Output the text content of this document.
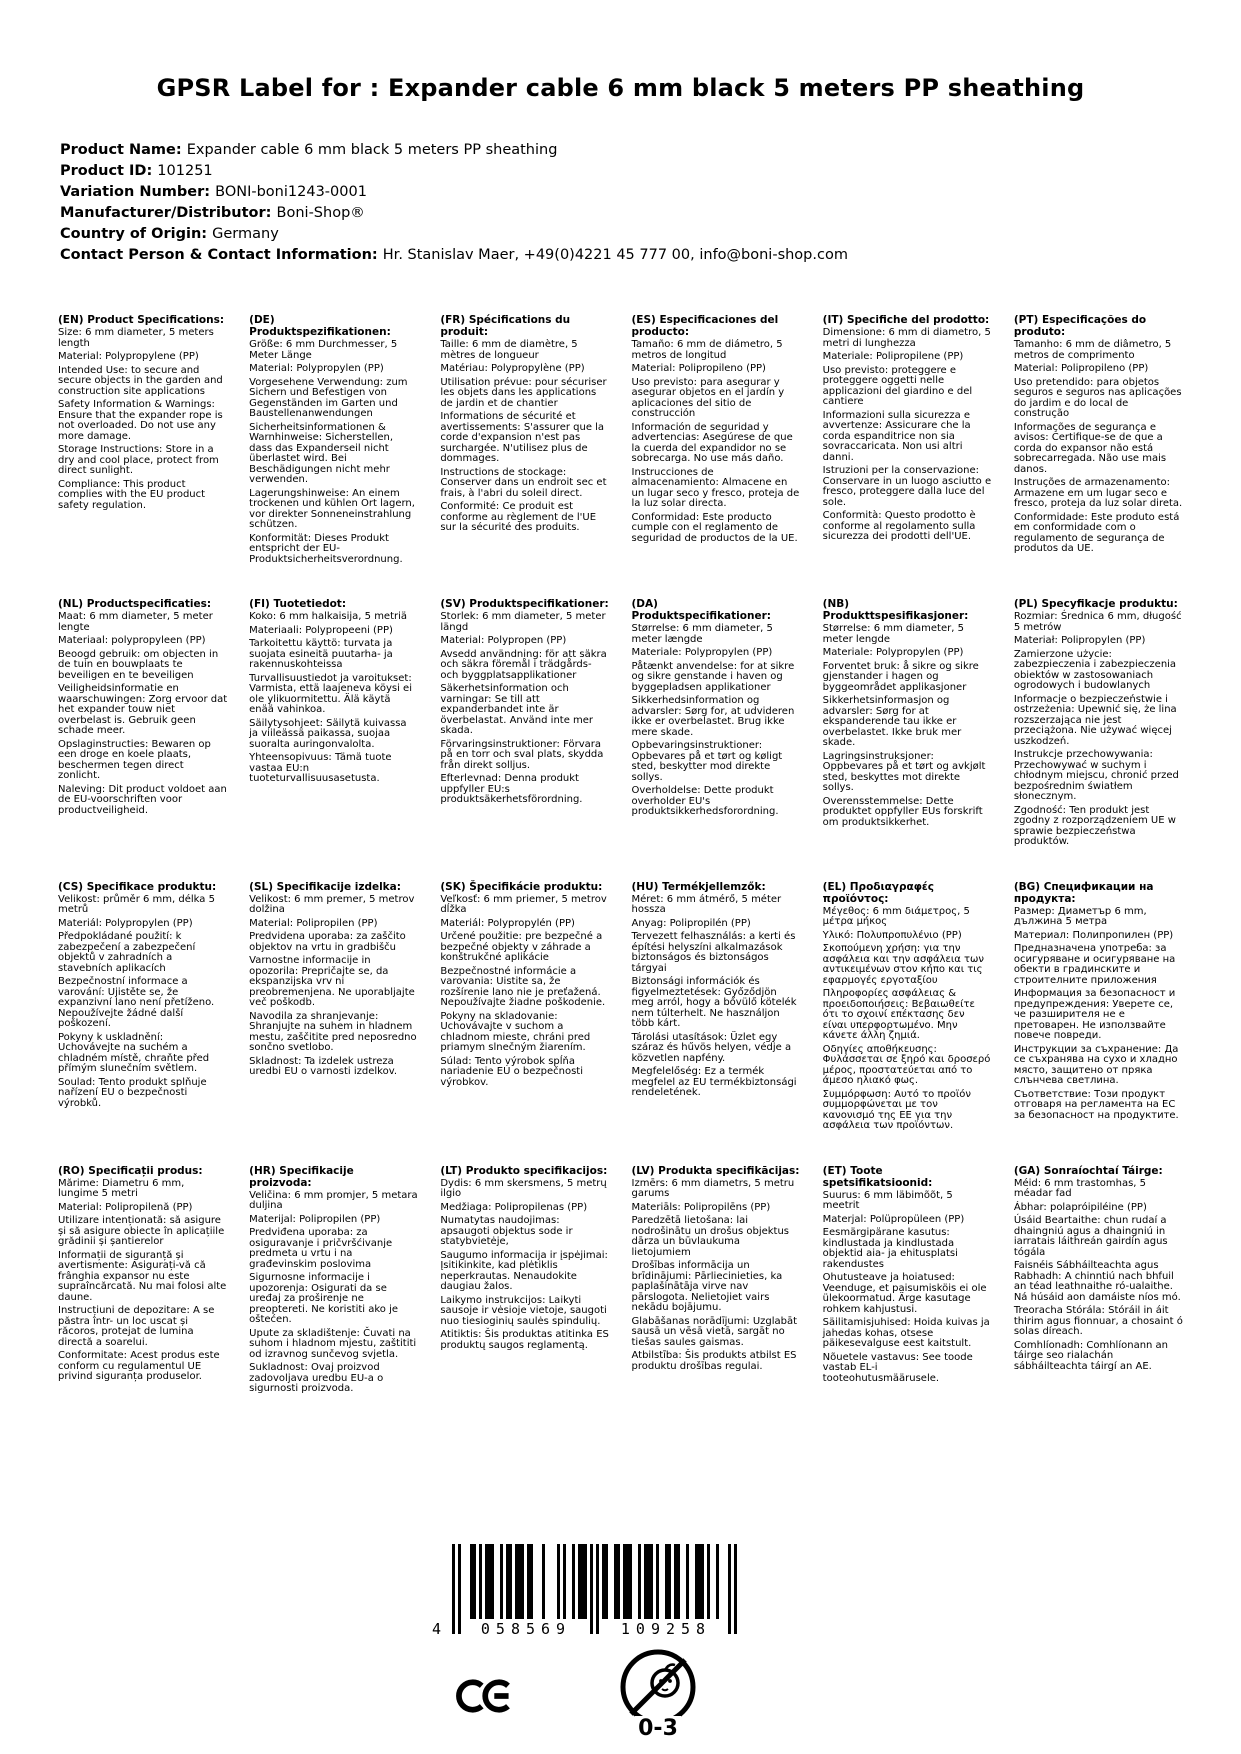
GPSR Label for : Expander cable 6 mm black 5 meters PP sheathing
Product Name: Expander cable 6 mm black 5 meters PP sheathing
Product ID: 101251
Variation Number: BONI-boni1243-0001
Manufacturer/Distributor: Boni-Shop®
Country of Origin: Germany
Contact Person & Contact Information: Hr. Stanislav Maer, +49(0)4221 45 777 00, info@boni-shop.com
(EN) Product Specifications:
Size: 6 mm diameter, 5 meters length
Material: Polypropylene (PP)
Intended Use: to secure and secure objects in the garden and construction site applications
Safety Information & Warnings: Ensure that the expander rope is not overloaded. Do not use any more damage.
Storage Instructions: Store in a dry and cool place, protect from direct sunlight.
Compliance: This product complies with the EU product safety regulation.
(DE) Produktspezifikationen:
Größe: 6 mm Durchmesser, 5 Meter Länge
Material: Polypropylen (PP)
Vorgesehene Verwendung: zum Sichern und Befestigen von Gegenständen im Garten und Baustellenanwendungen
Sicherheitsinformationen & Warnhinweise: Sicherstellen, dass das Expanderseil nicht überlastet wird. Bei Beschädigungen nicht mehr verwenden.
Lagerungshinweise: An einem trockenen und kühlen Ort lagern, vor direkter Sonneneinstrahlung schützen.
Konformität: Dieses Produkt entspricht der EU-Produktsicherheitsverordnung.
(FR) Spécifications du produit:
Taille: 6 mm de diamètre, 5 mètres de longueur
Matériau: Polypropylène (PP)
Utilisation prévue: pour sécuriser les objets dans les applications de jardin et de chantier
Informations de sécurité et avertissements: S'assurer que la corde d'expansion n'est pas surchargée. N'utilisez plus de dommages.
Instructions de stockage: Conserver dans un endroit sec et frais, à l'abri du soleil direct.
Conformité: Ce produit est conforme au règlement de l'UE sur la sécurité des produits.
(ES) Especificaciones del producto:
Tamaño: 6 mm de diámetro, 5 metros de longitud
Material: Polipropileno (PP)
Uso previsto: para asegurar y asegurar objetos en el jardín y aplicaciones del sitio de construcción
Información de seguridad y advertencias: Asegúrese de que la cuerda del expandidor no se sobrecarga. No use más daño.
Instrucciones de almacenamiento: Almacene en un lugar seco y fresco, proteja de la luz solar directa.
Conformidad: Este producto cumple con el reglamento de seguridad de productos de la UE.
(IT) Specifiche del prodotto:
Dimensione: 6 mm di diametro, 5 metri di lunghezza
Materiale: Polipropilene (PP)
Uso previsto: proteggere e proteggere oggetti nelle applicazioni del giardino e del cantiere
Informazioni sulla sicurezza e avvertenze: Assicurare che la corda espanditrice non sia sovraccaricata. Non usi altri danni.
Istruzioni per la conservazione: Conservare in un luogo asciutto e fresco, proteggere dalla luce del sole.
Conformità: Questo prodotto è conforme al regolamento sulla sicurezza dei prodotti dell'UE.
(PT) Especificações do produto:
Tamanho: 6 mm de diâmetro, 5 metros de comprimento
Material: Polipropileno (PP)
Uso pretendido: para objetos seguros e seguros nas aplicações do jardim e do local de construção
Informações de segurança e avisos: Certifique-se de que a corda do expansor não está sobrecarregada. Não use mais danos.
Instruções de armazenamento: Armazene em um lugar seco e fresco, proteja da luz solar direta.
Conformidade: Este produto está em conformidade com o regulamento de segurança de produtos da UE.
(NL) Productspecificaties:
Maat: 6 mm diameter, 5 meter lengte
Materiaal: polypropyleen (PP)
Beoogd gebruik: om objecten in de tuin en bouwplaats te beveiligen en te beveiligen
Veiligheidsinformatie en waarschuwingen: Zorg ervoor dat het expander touw niet overbelast is. Gebruik geen schade meer.
Opslaginstructies: Bewaren op een droge en koele plaats, beschermen tegen direct zonlicht.
Naleving: Dit product voldoet aan de EU-voorschriften voor productveiligheid.
(FI) Tuotetiedot:
Koko: 6 mm halkaisija, 5 metriä
Materiaali: Polypropeeni (PP)
Tarkoitettu käyttö: turvata ja suojata esineitä puutarha- ja rakennuskohteissa
Turvallisuustiedot ja varoitukset: Varmista, että laajeneva köysi ei ole ylikuormitettu. Älä käytä enää vahinkoa.
Säilytysohjeet: Säilytä kuivassa ja viileässä paikassa, suojaa suoralta auringonvalolta.
Yhteensopivuus: Tämä tuote vastaa EU:n tuoteturvallisuusasetusta.
(SV) Produktspecifikationer:
Storlek: 6 mm diameter, 5 meter längd
Material: Polypropen (PP)
Avsedd användning: för att säkra och säkra föremål i trädgårds- och byggplatsapplikationer
Säkerhetsinformation och varningar: Se till att expanderbandet inte är överbelastat. Använd inte mer skada.
Förvaringsinstruktioner: Förvara på en torr och sval plats, skydda från direkt solljus.
Efterlevnad: Denna produkt uppfyller EU:s produktsäkerhetsförordning.
(DA) Produktspecifikationer:
Størrelse: 6 mm diameter, 5 meter længde
Materiale: Polypropylen (PP)
Påtænkt anvendelse: for at sikre og sikre genstande i haven og byggepladsen applikationer
Sikkerhedsinformation og advarsler: Sørg for, at udvideren ikke er overbelastet. Brug ikke mere skade.
Opbevaringsinstruktioner: Opbevares på et tørt og køligt sted, beskytter mod direkte sollys.
Overholdelse: Dette produkt overholder EU's produktsikkerhedsforordning.
(NB) Produkttspesifikasjoner:
Størrelse: 6 mm diameter, 5 meter lengde
Materiale: Polypropylen (PP)
Forventet bruk: å sikre og sikre gjenstander i hagen og byggeområdet applikasjoner
Sikkerhetsinformasjon og advarsler: Sørg for at ekspanderende tau ikke er overbelastet. Ikke bruk mer skade.
Lagringsinstruksjoner: Oppbevares på et tørt og avkjølt sted, beskyttes mot direkte sollys.
Overensstemmelse: Dette produktet oppfyller EUs forskrift om produktsikkerhet.
(PL) Specyfikacje produktu:
Rozmiar: Średnica 6 mm, długość 5 metrów
Materiał: Polipropylen (PP)
Zamierzone użycie: zabezpieczenia i zabezpieczenia obiektów w zastosowaniach ogrodowych i budowlanych
Informacje o bezpieczeństwie i ostrzeżenia: Upewnić się, że lina rozszerzająca nie jest przeciążona. Nie używać więcej uszkodzeń.
Instrukcje przechowywania: Przechowywać w suchym i chłodnym miejscu, chronić przed bezpośrednim światłem słonecznym.
Zgodność: Ten produkt jest zgodny z rozporządzeniem UE w sprawie bezpieczeństwa produktów.
(CS) Specifikace produktu:
Velikost: průměr 6 mm, délka 5 metrů
Materiál: Polypropylen (PP)
Předpokládané použití: k zabezpečení a zabezpečení objektů v zahradních a stavebních aplikacích
Bezpečnostní informace a varování: Ujistěte se, že expanzivní lano není přetíženo. Nepoužívejte žádné další poškození.
Pokyny k uskladnění: Uchovávejte na suchém a chladném místě, chraňte před přímým slunečním světlem.
Soulad: Tento produkt splňuje nařízení EU o bezpečnosti výrobků.
(SL) Specifikacije izdelka:
Velikost: 6 mm premer, 5 metrov dolžina
Material: Polipropilen (PP)
Predvidena uporaba: za zaščito objektov na vrtu in gradbišču
Varnostne informacije in opozorila: Prepričajte se, da ekspanzijska vrv ni preobremenjena. Ne uporabljajte več poškodb.
Navodila za shranjevanje: Shranjujte na suhem in hladnem mestu, zaščitite pred neposredno sončno svetlobo.
Skladnost: Ta izdelek ustreza uredbi EU o varnosti izdelkov.
(SK) Špecifikácie produktu:
Veľkosť: 6 mm priemer, 5 metrov dĺžka
Materiál: Polypropylén (PP)
Určené použitie: pre bezpečné a bezpečné objekty v záhrade a konštrukčné aplikácie
Bezpečnostné informácie a varovania: Uistite sa, že rozšírenie lano nie je preťažená. Nepoužívajte žiadne poškodenie.
Pokyny na skladovanie: Uchovávajte v suchom a chladnom mieste, chráni pred priamym slnečným žiarením.
Súlad: Tento výrobok spĺňa nariadenie EÚ o bezpečnosti výrobkov.
(HU) Termékjellemzők:
Méret: 6 mm átmérő, 5 méter hossza
Anyag: Polipropilén (PP)
Tervezett felhasználás: a kerti és építési helyszíni alkalmazások biztonságos és biztonságos tárgyai
Biztonsági információk és figyelmeztetések: Győződjön meg arról, hogy a bővülő kötelék nem túlterhelt. Ne használjon több kárt.
Tárolási utasítások: Üzlet egy száraz és hűvös helyen, védje a közvetlen napfény.
Megfelelőség: Ez a termék megfelel az EU termékbiztonsági rendeletének.
(EL) Προδιαγραφές προϊόντος:
Μέγεθος: 6 mm διάμετρος, 5 μέτρα μήκος
Υλικό: Πολυπροπυλένιο (PP)
Σκοπούμενη χρήση: για την ασφάλεια και την ασφάλεια των αντικειμένων στον κήπο και τις εφαρμογές εργοταξίου
Πληροφορίες ασφάλειας & προειδοποιήσεις: Βεβαιωθείτε ότι το σχοινί επέκτασης δεν είναι υπερφορτωμένο. Μην κάνετε άλλη ζημιά.
Οδηγίες αποθήκευσης: Φυλάσσεται σε ξηρό και δροσερό μέρος, προστατεύεται από το άμεσο ηλιακό φως.
Συμμόρφωση: Αυτό το προϊόν συμμορφώνεται με τον κανονισμό της ΕΕ για την ασφάλεια των προϊόντων.
(BG) Спецификации на продукта:
Размер: Диаметър 6 mm, дължина 5 метра
Материал: Полипропилен (PP)
Предназначена употреба: за осигуряване и осигуряване на обекти в градинските и строителните приложения
Информация за безопасност и предупреждения: Уверете се, че разширителя не е претоварен. Не използвайте повече повреди.
Инструкции за съхранение: Да се съхранява на сухо и хладно място, защитено от пряка слънчева светлина.
Съответствие: Този продукт отговаря на регламента на ЕС за безопасност на продуктите.
(RO) Specificații produs:
Mărime: Diametru 6 mm, lungime 5 metri
Material: Polipropilenă (PP)
Utilizare intenționată: să asigure și să asigure obiecte în aplicațiile grădinii și șantierelor
Informații de siguranță și avertismente: Asigurați-vă că frânghia expansor nu este supraîncărcată. Nu mai folosi alte daune.
Instrucțiuni de depozitare: A se păstra într- un loc uscat și răcoros, protejat de lumina directă a soarelui.
Conformitate: Acest produs este conform cu regulamentul UE privind siguranța produselor.
(HR) Specifikacije proizvoda:
Veličina: 6 mm promjer, 5 metara duljina
Materijal: Polipropilen (PP)
Predviđena uporaba: za osiguravanje i pričvršćivanje predmeta u vrtu i na građevinskim poslovima
Sigurnosne informacije i upozorenja: Osigurati da se uređaj za proširenje ne preoptereti. Ne koristiti ako je oštećen.
Upute za skladištenje: Čuvati na suhom i hladnom mjestu, zaštititi od izravnog sunčevog svjetla.
Sukladnost: Ovaj proizvod zadovoljava uredbu EU-a o sigurnosti proizvoda.
(LT) Produkto specifikacijos:
Dydis: 6 mm skersmens, 5 metrų ilgio
Medžiaga: Polipropilenas (PP)
Numatytas naudojimas: apsaugoti objektus sode ir statybvietėje,
Saugumo informacija ir įspėjimai: Įsitikinkite, kad plėtiklis neperkrautas. Nenaudokite daugiau žalos.
Laikymo instrukcijos: Laikyti sausoje ir vėsioje vietoje, saugoti nuo tiesioginių saulės spindulių.
Atitiktis: Šis produktas atitinka ES produktų saugos reglamentą.
(LV) Produkta specifikācijas:
Izmērs: 6 mm diametrs, 5 metru garums
Materiāls: Polipropilēns (PP)
Paredzētā lietošana: lai nodrošinātu un drošus objektus dārza un būvlaukuma lietojumiem
Drošības informācija un brīdinājumi: Pārliecinieties, ka paplašinātāja virve nav pārslogota. Nelietojiet vairs nekādu bojājumu.
Glabāšanas norādījumi: Uzglabāt sausā un vēsā vietā, sargāt no tiešas saules gaismas.
Atbilstība: Šis produkts atbilst ES produktu drošības regulai.
(ET) Toote spetsifikatsioonid:
Suurus: 6 mm läbimõõt, 5 meetrit
Materjal: Polüpropüleen (PP)
Eesmärgipärane kasutus: kindlustada ja kindlustada objektid aia- ja ehitusplatsi rakendustes
Ohutusteave ja hoiatused: Veenduge, et paisumisköis ei ole ülekoormatud. Ärge kasutage rohkem kahjustusi.
Säilitamisjuhised: Hoida kuivas ja jahedas kohas, otsese päikesevalguse eest kaitstult.
Nõuetele vastavus: See toode vastab EL-i tooteohutusmäärusele.
(GA) Sonraíochtaí Táirge:
Méid: 6 mm trastomhas, 5 méadar fad
Ábhar: polapróipiléine (PP)
Úsáid Beartaithe: chun rudaí a dhaingniú agus a dhaingniú in iarratais láithreán gairdín agus tógála
Faisnéis Sábháilteachta agus Rabhadh: A chinntiú nach bhfuil an téad leathnaithe ró-ualaithe. Ná húsáid aon damáiste níos mó.
Treoracha Stórála: Stóráil in áit thirim agus fionnuar, a chosaint ó solas díreach.
Comhlíonadh: Comhlíonann an táirge seo rialachán sábháilteachta táirgí an AE.
4	058569	109258
0-3
